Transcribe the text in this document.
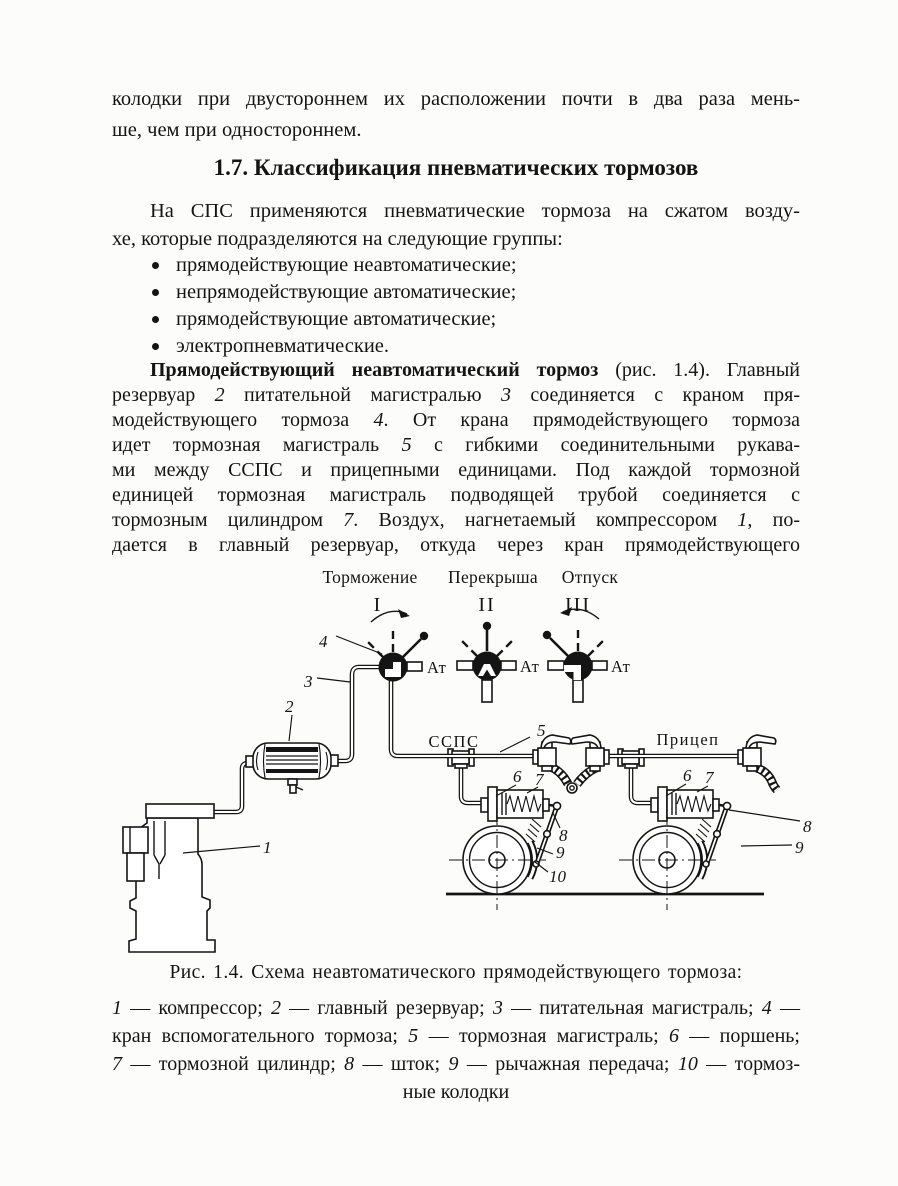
колодки при двустороннем их расположении почти в два раза мень-
ше, чем при одностороннем.
1.7. Классификация пневматических тормозов
На СПС применяются пневматические тормоза на сжатом возду-
хе, которые подразделяются на следующие группы:
прямодействующие неавтоматические;
непрямодействующие автоматические;
прямодействующие автоматические;
электропневматические.
Прямодействующий неавтоматический тормоз (рис. 1.4). Главный
резервуар 2 питательной магистралью 3 соединяется с краном пря-
модействующего тормоза 4. От крана прямодействующего тормоза
идет тормозная магистраль 5 с гибкими соединительными рукава-
ми между ССПС и прицепными единицами. Под каждой тормозной
единицей тормозная магистраль подводящей трубой соединяется с
тормозным цилиндром 7. Воздух, нагнетаемый компрессором 1, по-
дается в главный резервуар, откуда через кран прямодействующего
Торможение Перекрыша Отпуск
I	II	III
Ат	Ат	Ат
ССПС	Прицеп
4
3
2
1
5
6 7
8
9
10
6 7
8
9
Рис. 1.4. Схема неавтоматического прямодействующего тормоза:
1 — компрессор; 2 — главный резервуар; 3 — питательная магистраль; 4 —
кран вспомогательного тормоза; 5 — тормозная магистраль; 6 — поршень;
7 — тормозной цилиндр; 8 — шток; 9 — рычажная передача; 10 — тормоз-
ные колодки
